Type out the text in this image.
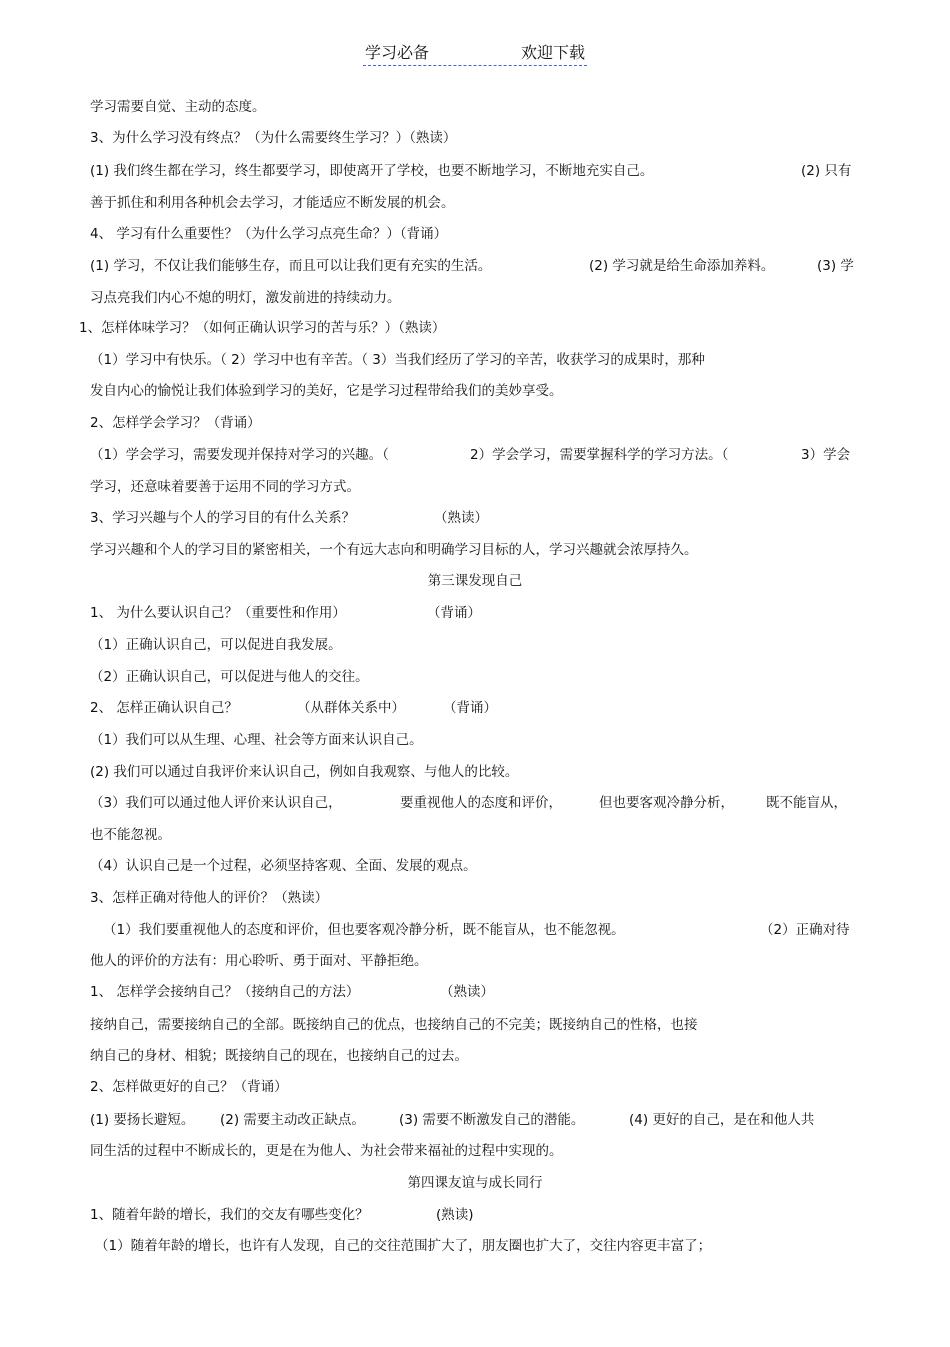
学习必备	欢迎下载
学习需要自觉、主动的态度。
3、为什么学习没有终点？（为什么需要终生学习？）（熟读）
(1) 我们终生都在学习，终生都要学习，即使离开了学校，也要不断地学习，不断地充实自己。	(2) 只有
善于抓住和利用各种机会去学习，才能适应不断发展的机会。
4、 学习有什么重要性？（为什么学习点亮生命？）（背诵）
(1) 学习，不仅让我们能够生存，而且可以让我们更有充实的生活。	(2) 学习就是给生命添加养料。	(3) 学
习点亮我们内心不熄的明灯，激发前进的持续动力。
1、怎样体味学习？（如何正确认识学习的苦与乐？）（熟读）
（1）学习中有快乐。（ 2）学习中也有辛苦。（ 3）当我们经历了学习的辛苦，收获学习的成果时，那种
发自内心的愉悦让我们体验到学习的美好，它是学习过程带给我们的美妙享受。
2、怎样学会学习？（背诵）
（1）学会学习，需要发现并保持对学习的兴趣。（	2）学会学习，需要掌握科学的学习方法。（	3）学会
学习，还意味着要善于运用不同的学习方式。
3、学习兴趣与个人的学习目的有什么关系？	（熟读）
学习兴趣和个人的学习目的紧密相关，一个有远大志向和明确学习目标的人，学习兴趣就会浓厚持久。
第三课发现自己
1、 为什么要认识自己？（重要性和作用）	（背诵）
（1）正确认识自己，可以促进自我发展。
（2）正确认识自己，可以促进与他人的交往。
2、 怎样正确认识自己？	（从群体关系中）	（背诵）
（1）我们可以从生理、心理、社会等方面来认识自己。
(2) 我们可以通过自我评价来认识自己，例如自我观察、与他人的比较。
（3）我们可以通过他人评价来认识自己，	要重视他人的态度和评价，	但也要客观冷静分析， 既不能盲从，
也不能忽视。
（4）认识自己是一个过程，必须坚持客观、全面、发展的观点。
3、怎样正确对待他人的评价？（熟读）
（1）我们要重视他人的态度和评价，但也要客观冷静分析，既不能盲从，也不能忽视。	（2）正确对待
他人的评价的方法有：用心聆听、勇于面对、平静拒绝。
1、 怎样学会接纳自己？（接纳自己的方法）	（熟读）
接纳自己，需要接纳自己的全部。既接纳自己的优点，也接纳自己的不完美；既接纳自己的性格，也接
纳自己的身材、相貌；既接纳自己的现在，也接纳自己的过去。
2、怎样做更好的自己？（背诵）
(1) 要扬长避短。 (2) 需要主动改正缺点。	(3) 需要不断激发自己的潜能。	(4) 更好的自己，是在和他人共
同生活的过程中不断成长的，更是在为他人、为社会带来福祉的过程中实现的。
第四课友谊与成长同行
1、随着年龄的增长，我们的交友有哪些变化？	(熟读)
（1）随着年龄的增长，也许有人发现，自己的交往范围扩大了，朋友圈也扩大了，交往内容更丰富了；
